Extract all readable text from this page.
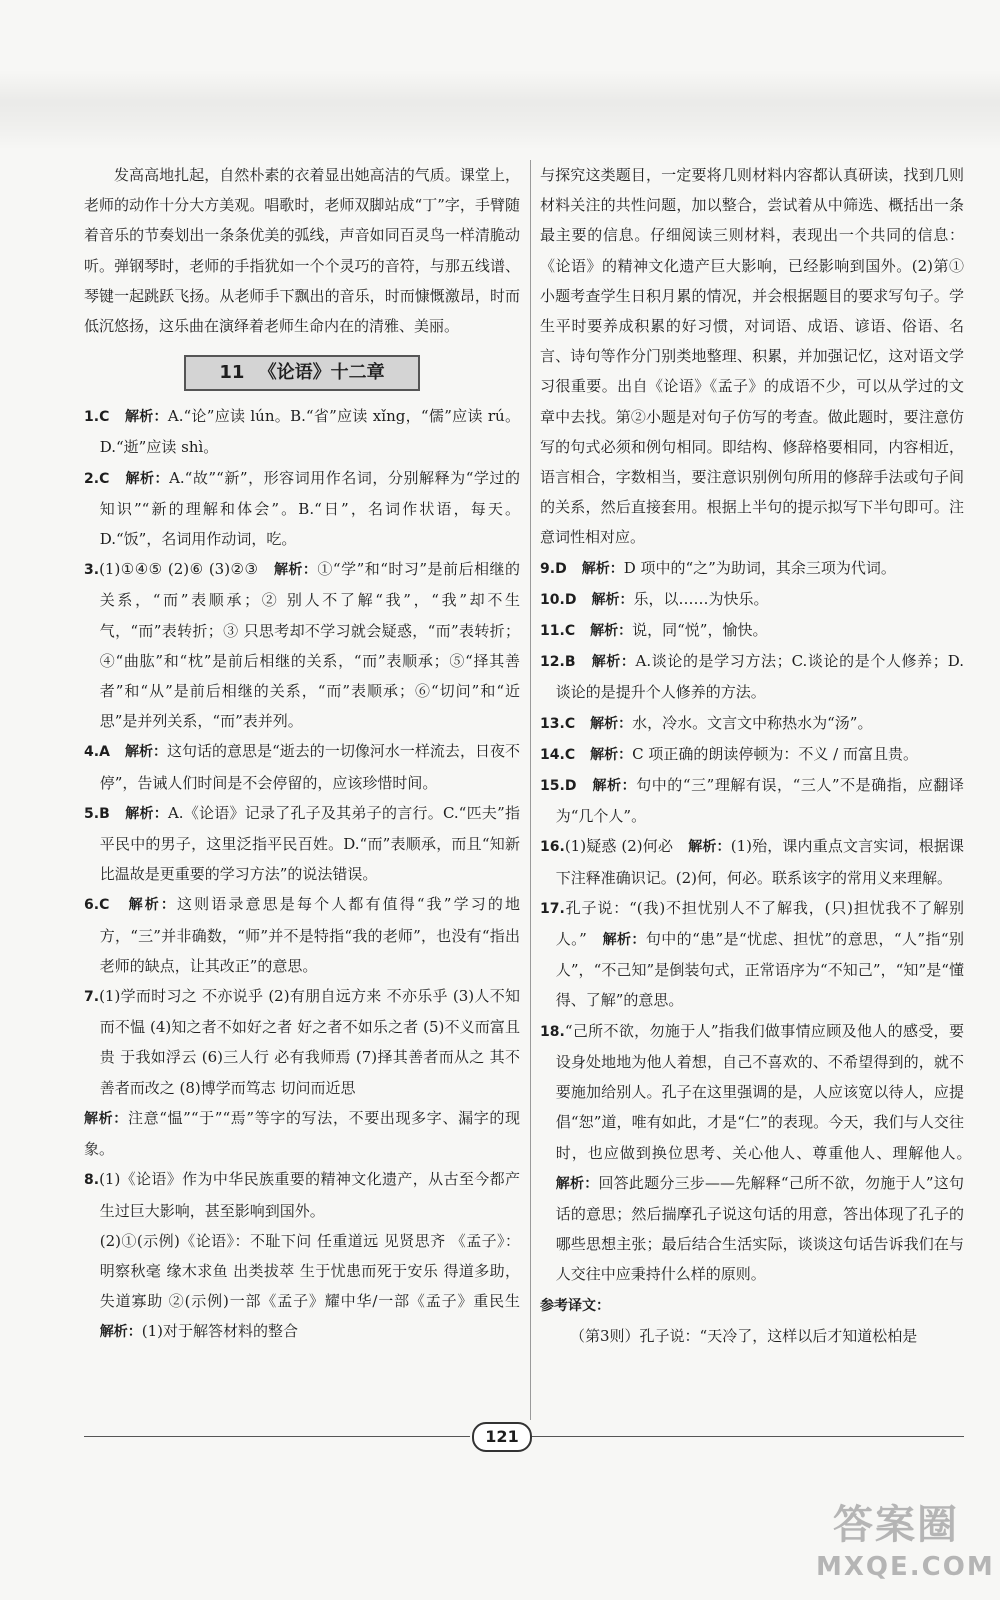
发高高地扎起，自然朴素的衣着显出她高洁的气质。课堂上，老师的动作十分大方美观。唱歌时，老师双脚站成“丁”字，手臂随着音乐的节奏划出一条条优美的弧线，声音如同百灵鸟一样清脆动听。弹钢琴时，老师的手指犹如一个个灵巧的音符，与那五线谱、琴键一起跳跃飞扬。从老师手下飘出的音乐，时而慷慨激昂，时而低沉悠扬，这乐曲在演绎着老师生命内在的清雅、美丽。

11 《论语》十二章

1.C　 解析：A.“论”应读 lún。B.“省”应读 xǐng，“儒”应读 rú。D.“逝”应读 shì。

2.C　 解析：A.“故”“新”，形容词用作名词，分别解释为“学过的知识”“新的理解和体会”。B.“日”，名词作状语，每天。D.“饭”，名词用作动词，吃。

3.(1)①④⑤ (2)⑥ (3)②③　 解析：①“学”和“时习”是前后相继的关系，“而”表顺承；② 别人不了解“我”，“我”却不生气，“而”表转折；③ 只思考却不学习就会疑惑，“而”表转折；④“曲肱”和“枕”是前后相继的关系，“而”表顺承；⑤“择其善者”和“从”是前后相继的关系，“而”表顺承；⑥“切问”和“近思”是并列关系，“而”表并列。

4.A　 解析：这句话的意思是“逝去的一切像河水一样流去，日夜不停”，告诫人们时间是不会停留的，应该珍惜时间。

5.B　 解析：A.《论语》记录了孔子及其弟子的言行。C.“匹夫”指平民中的男子，这里泛指平民百姓。D.“而”表顺承，而且“知新比温故是更重要的学习方法”的说法错误。

6.C　 解析：这则语录意思是每个人都有值得“我”学习的地方，“三”并非确数，“师”并不是特指“我的老师”，也没有“指出老师的缺点，让其改正”的意思。

7.(1)学而时习之 不亦说乎 (2)有朋自远方来 不亦乐乎 (3)人不知而不愠 (4)知之者不如好之者 好之者不如乐之者 (5)不义而富且贵 于我如浮云 (6)三人行 必有我师焉 (7)择其善者而从之 其不善者而改之 (8)博学而笃志 切问而近思

解析：注意“愠”“于”“焉”等字的写法，不要出现多字、漏字的现象。

8.(1)《论语》作为中华民族重要的精神文化遗产，从古至今都产生过巨大影响，甚至影响到国外。

(2)①(示例)《论语》：不耻下问 任重道远 见贤思齐 《孟子》：明察秋毫 缘木求鱼 出类拔萃 生于忧患而死于安乐 得道多助，失道寡助 ②(示例)一部《孟子》耀中华/一部《孟子》重民生　解析：(1)对于解答材料的整合

与探究这类题目，一定要将几则材料内容都认真研读，找到几则材料关注的共性问题，加以整合，尝试着从中筛选、概括出一条最主要的信息。仔细阅读三则材料，表现出一个共同的信息：《论语》的精神文化遗产巨大影响，已经影响到国外。(2)第①小题考查学生日积月累的情况，并会根据题目的要求写句子。学生平时要养成积累的好习惯，对词语、成语、谚语、俗语、名言、诗句等作分门别类地整理、积累，并加强记忆，这对语文学习很重要。出自《论语》《孟子》的成语不少，可以从学过的文章中去找。第②小题是对句子仿写的考查。做此题时，要注意仿写的句式必须和例句相同。即结构、修辞格要相同，内容相近，语言相合，字数相当，要注意识别例句所用的修辞手法或句子间的关系，然后直接套用。根据上半句的提示拟写下半句即可。注意词性相对应。

9.D　 解析：D 项中的“之”为助词，其余三项为代词。

10.D　 解析：乐，以……为快乐。

11.C　 解析：说，同“悦”，愉快。

12.B　 解析：A.谈论的是学习方法；C.谈论的是个人修养；D.谈论的是提升个人修养的方法。

13.C　 解析：水，冷水。文言文中称热水为“汤”。

14.C　 解析：C 项正确的朗读停顿为：不义 / 而富且贵。

15.D　 解析：句中的“三”理解有误，“三人”不是确指，应翻译为“几个人”。

16.(1)疑惑 (2)何必　 解析：(1)殆，课内重点文言实词，根据课下注释准确识记。(2)何，何必。联系该字的常用义来理解。

17.孔子说：“(我)不担忧别人不了解我，(只)担忧我不了解别人。”　 解析：句中的“患”是“忧虑、担忧”的意思，“人”指“别人”，“不己知”是倒装句式，正常语序为“不知己”，“知”是“懂得、了解”的意思。

18.“己所不欲，勿施于人”指我们做事情应顾及他人的感受，要设身处地地为他人着想，自己不喜欢的、不希望得到的，就不要施加给别人。孔子在这里强调的是，人应该宽以待人，应提倡“恕”道，唯有如此，才是“仁”的表现。今天，我们与人交往时，也应做到换位思考、关心他人、尊重他人、理解他人。　解析：回答此题分三步——先解释“己所不欲，勿施于人”这句话的意思；然后揣摩孔子说这句话的用意，答出体现了孔子的哪些思想主张；最后结合生活实际，谈谈这句话告诉我们在与人交往中应秉持什么样的原则。

参考译文：

（第3则）孔子说：“天冷了，这样以后才知道松柏是

121
答案圈
MXQE.COM
